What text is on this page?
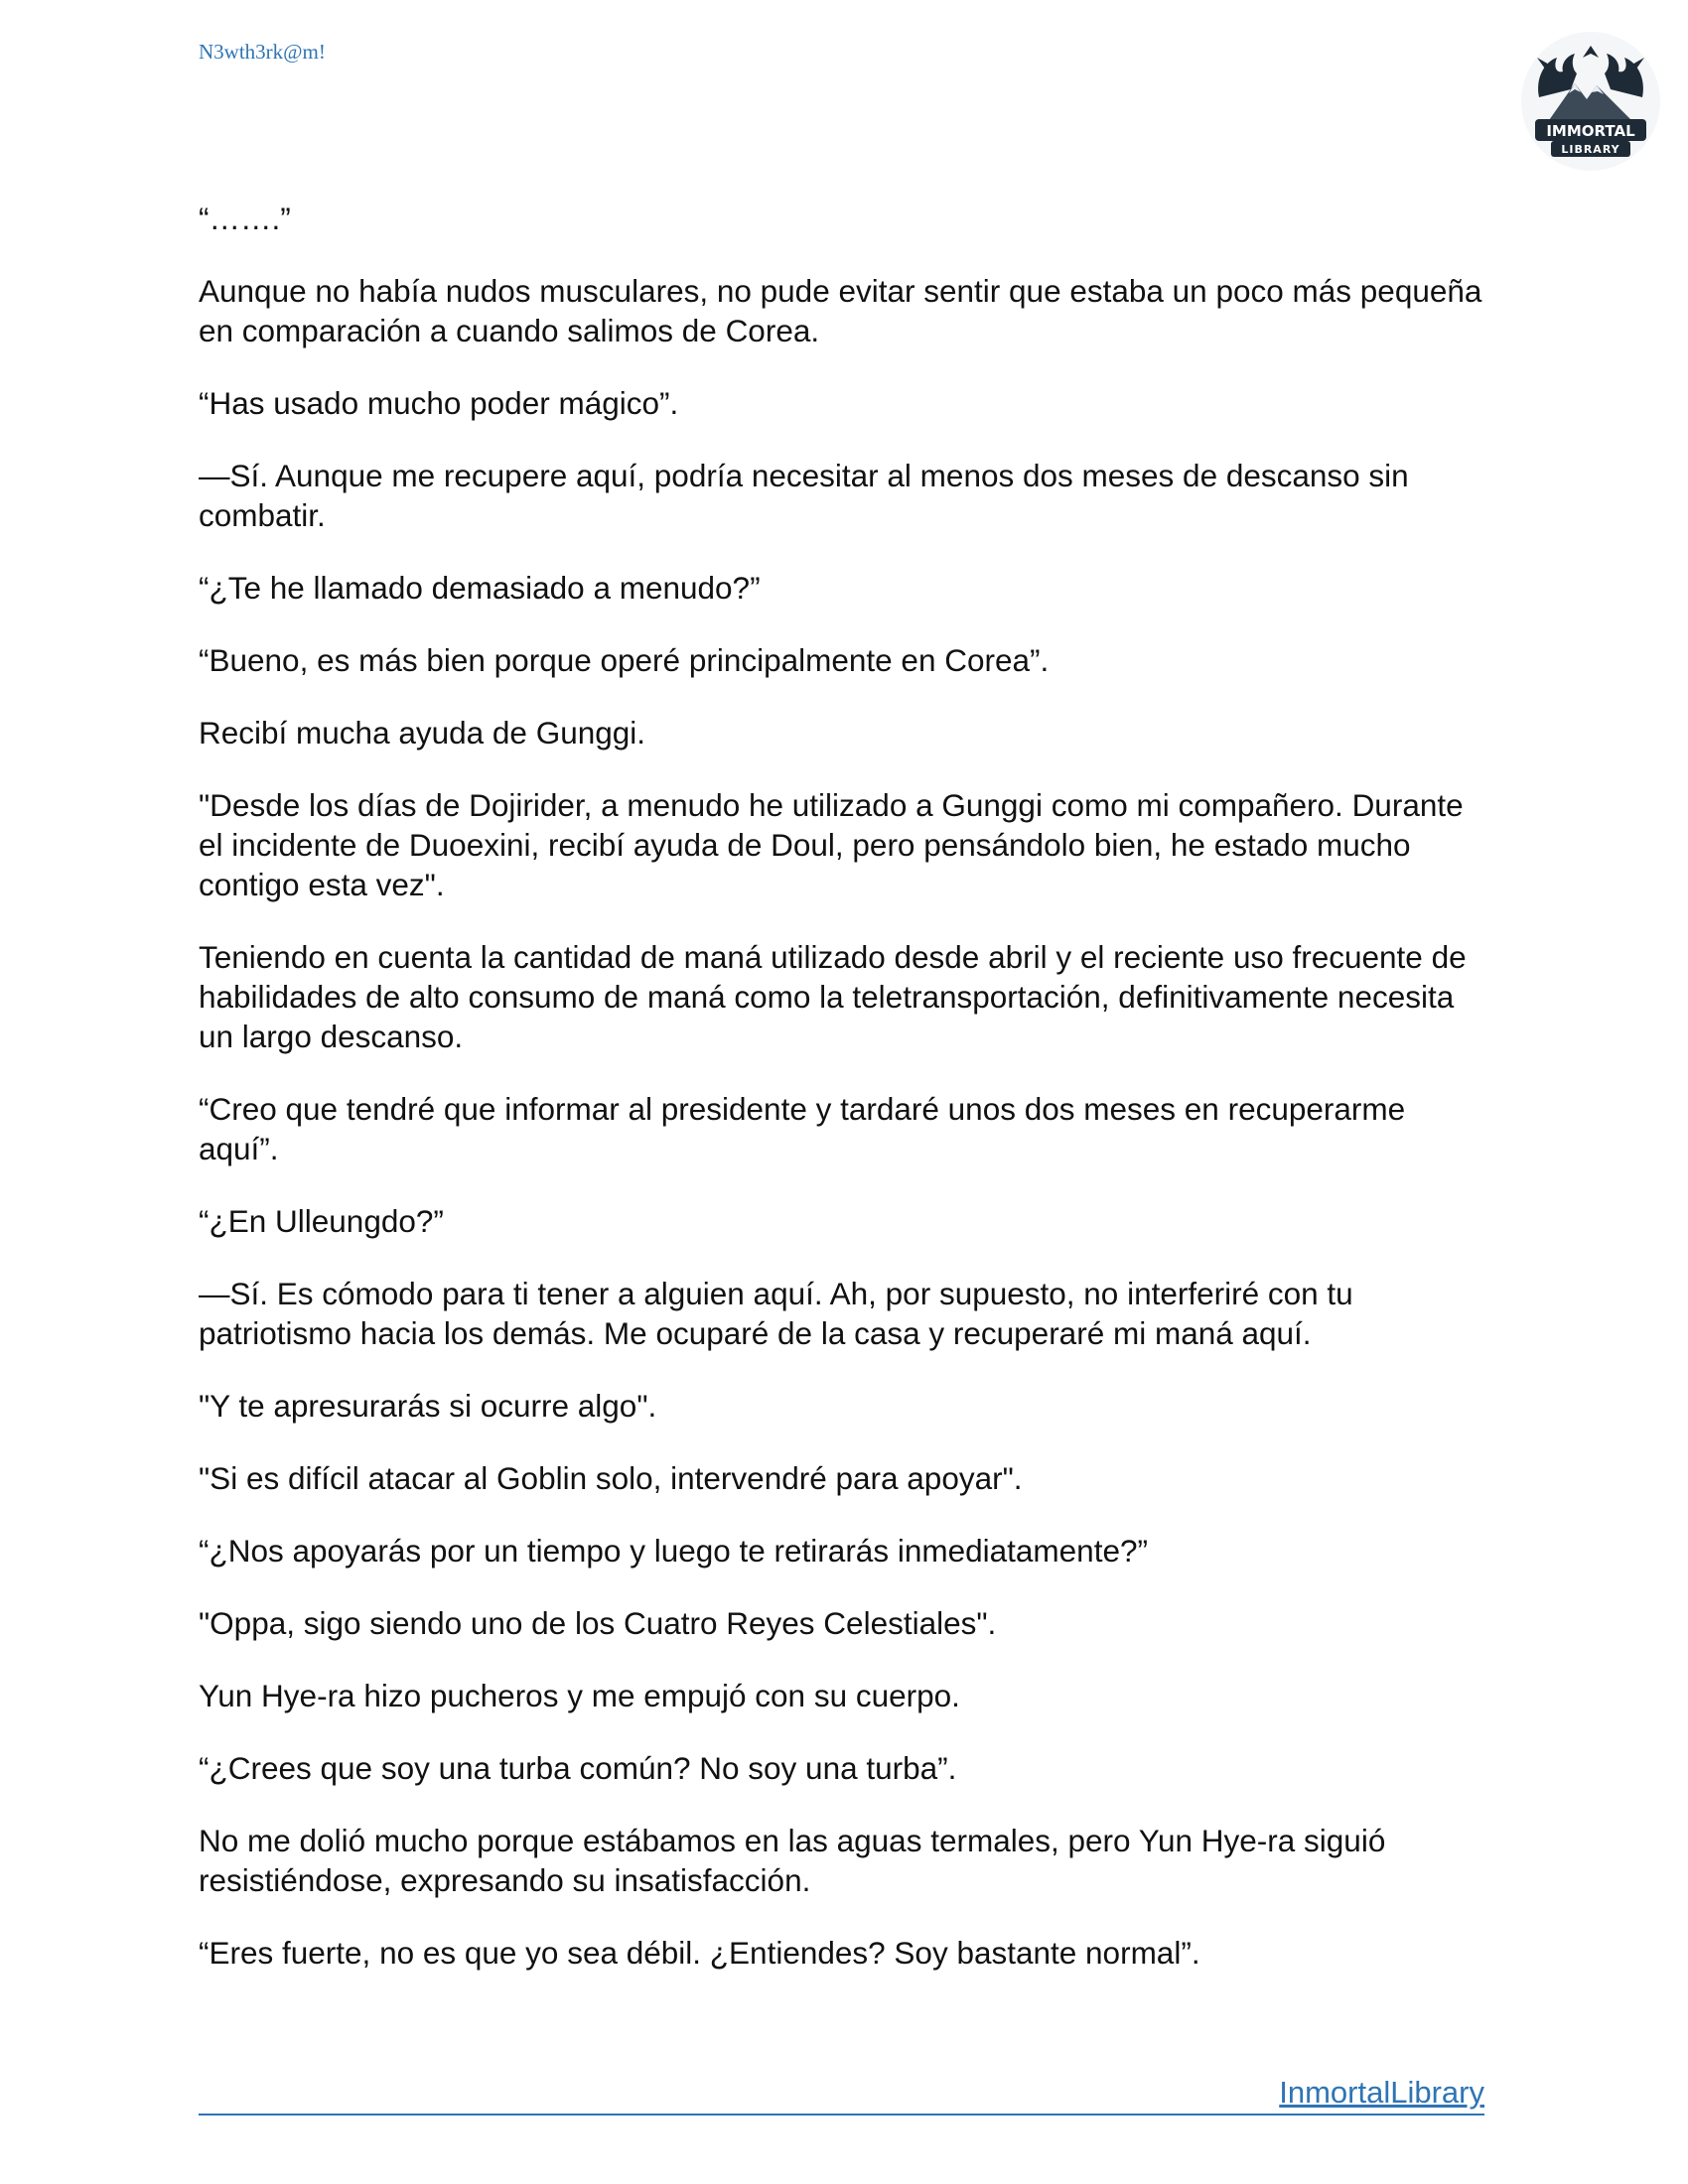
N3wth3rk@m!
IMMORTAL
LIBRARY

“…….”

Aunque no había nudos musculares, no pude evitar sentir que estaba un poco más pequeña en comparación a cuando salimos de Corea.

“Has usado mucho poder mágico”.

—Sí. Aunque me recupere aquí, podría necesitar al menos dos meses de descanso sin combatir.

“¿Te he llamado demasiado a menudo?”

“Bueno, es más bien porque operé principalmente en Corea”.

Recibí mucha ayuda de Gunggi.

"Desde los días de Dojirider, a menudo he utilizado a Gunggi como mi compañero. Durante el incidente de Duoexini, recibí ayuda de Doul, pero pensándolo bien, he estado mucho contigo esta vez".

Teniendo en cuenta la cantidad de maná utilizado desde abril y el reciente uso frecuente de habilidades de alto consumo de maná como la teletransportación, definitivamente necesita un largo descanso.

“Creo que tendré que informar al presidente y tardaré unos dos meses en recuperarme aquí”.

“¿En Ulleungdo?”

—Sí. Es cómodo para ti tener a alguien aquí. Ah, por supuesto, no interferiré con tu patriotismo hacia los demás. Me ocuparé de la casa y recuperaré mi maná aquí.

"Y te apresurarás si ocurre algo".

"Si es difícil atacar al Goblin solo, intervendré para apoyar".

“¿Nos apoyarás por un tiempo y luego te retirarás inmediatamente?”

"Oppa, sigo siendo uno de los Cuatro Reyes Celestiales".

Yun Hye-ra hizo pucheros y me empujó con su cuerpo.

“¿Crees que soy una turba común? No soy una turba”.

No me dolió mucho porque estábamos en las aguas termales, pero Yun Hye-ra siguió resistiéndose, expresando su insatisfacción.

“Eres fuerte, no es que yo sea débil. ¿Entiendes? Soy bastante normal”.

InmortalLibrary
